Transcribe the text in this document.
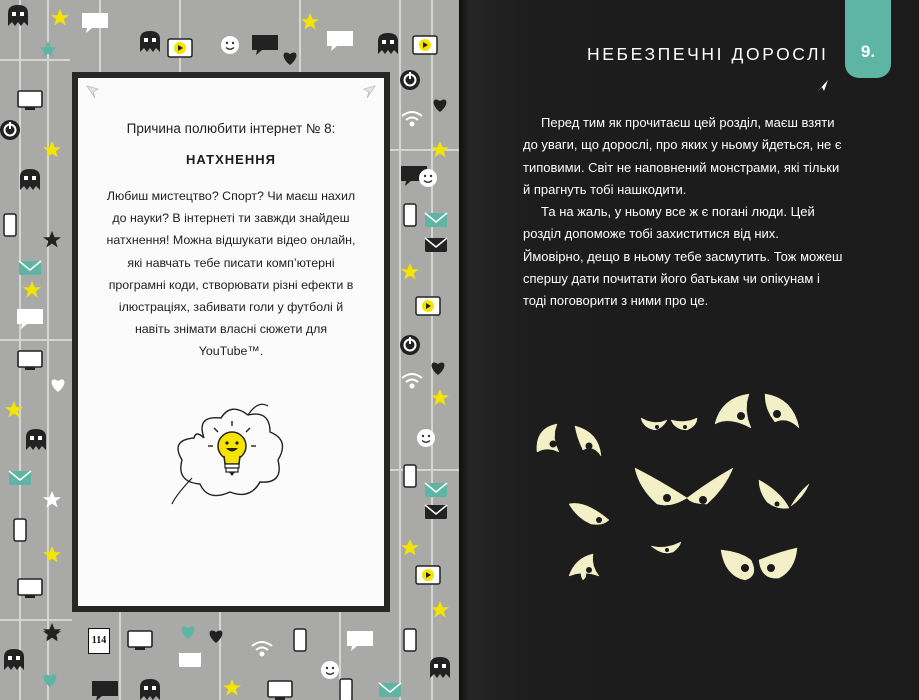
Причина полюбити інтернет № 8:

НАТХНЕННЯ

Любиш мистецтво? Спорт? Чи маєш нахил до науки? В інтернеті ти завжди знайдеш натхнення! Можна відшукати відео онлайн, які навчать тебе писати комп’ютерні програмні коди, створювати різні ефекти в ілюстраціях, забивати голи у футболі й навіть знімати власні сюжети для YouTube™.

114
НЕБЕЗПЕЧНІ ДОРОСЛІ	9.

Перед тим як прочитаєш цей розділ, маєш взяти до уваги, що дорослі, про яких у ньому йдеться, не є типовими. Світ не наповнений монстрами, які тільки й прагнуть тобі нашкодити.

Та на жаль, у ньому все ж є погані люди. Цей розділ допоможе тобі захиститися від них. Ймовірно, дещо в ньому тебе засмутить. Тож можеш спершу дати почитати його батькам чи опікунам і тоді поговорити з ними про це.
